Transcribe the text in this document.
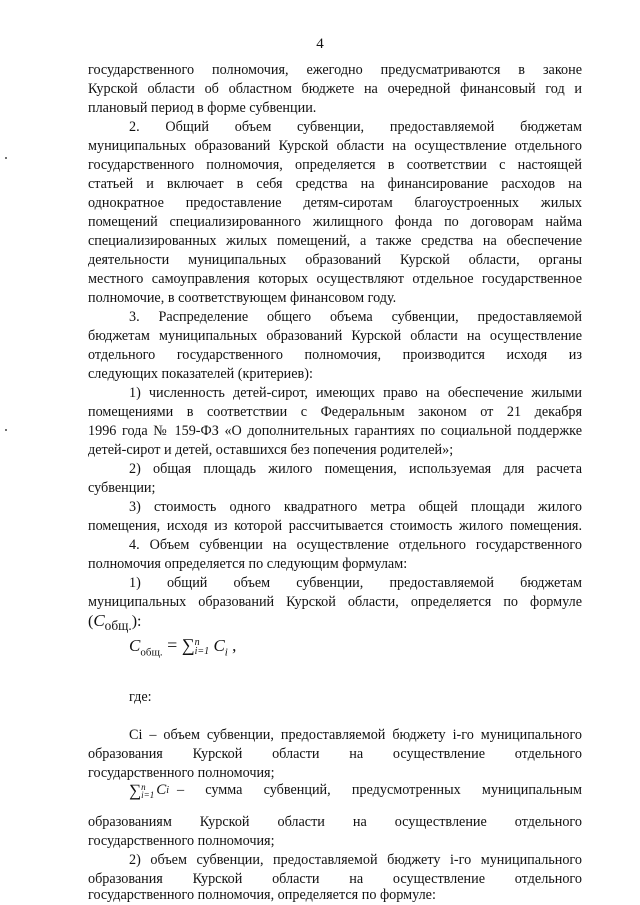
4

государственного полномочия, ежегодно предусматриваются в законе

Курской области об областном бюджете на очередной финансовый год и

плановый период в форме субвенции.

2. Общий объем субвенции, предоставляемой бюджетам

муниципальных образований Курской области на осуществление отдельного

государственного полномочия, определяется в соответствии с настоящей

статьей и включает в себя средства на финансирование расходов на

однократное предоставление детям-сиротам благоустроенных жилых

помещений специализированного жилищного фонда по договорам найма

специализированных жилых помещений, а также средства на обеспечение

деятельности муниципальных образований Курской области, органы

местного самоуправления которых осуществляют отдельное государственное

полномочие, в соответствующем финансовом году.

3. Распределение общего объема субвенции, предоставляемой

бюджетам муниципальных образований Курской области на осуществление

отдельного государственного полномочия, производится исходя из

следующих показателей (критериев):

1) численность детей-сирот, имеющих право на обеспечение жилыми

помещениями в соответствии с Федеральным законом от 21 декабря

1996 года № 159-ФЗ «О дополнительных гарантиях по социальной поддержке

детей-сирот и детей, оставшихся без попечения родителей»;

2) общая площадь жилого помещения, используемая для расчета

субвенции;

3) стоимость одного квадратного метра общей площади жилого

помещения, исходя из которой рассчитывается стоимость жилого помещения.

4. Объем субвенции на осуществление отдельного государственного

полномочия определяется по следующим формулам:

1) общий объем субвенции, предоставляемой бюджетам

муниципальных образований Курской области, определяется по формуле

$(С_{общ.})$:

$С_{общ.}$ = ∑ n
i=1 $C_i$ ,

где:

Ci – объем субвенции, предоставляемой бюджету i-го муниципального

образования Курской области на осуществление отдельного

государственного полномочия;

∑ n
i=1 C i – сумма субвенций, предусмотренных муниципальным

образованиям Курской области на осуществление отдельного

государственного полномочия;

2) объем субвенции, предоставляемой бюджету i-го муниципального

образования Курской области на осуществление отдельного

государственного полномочия, определяется по формуле:
